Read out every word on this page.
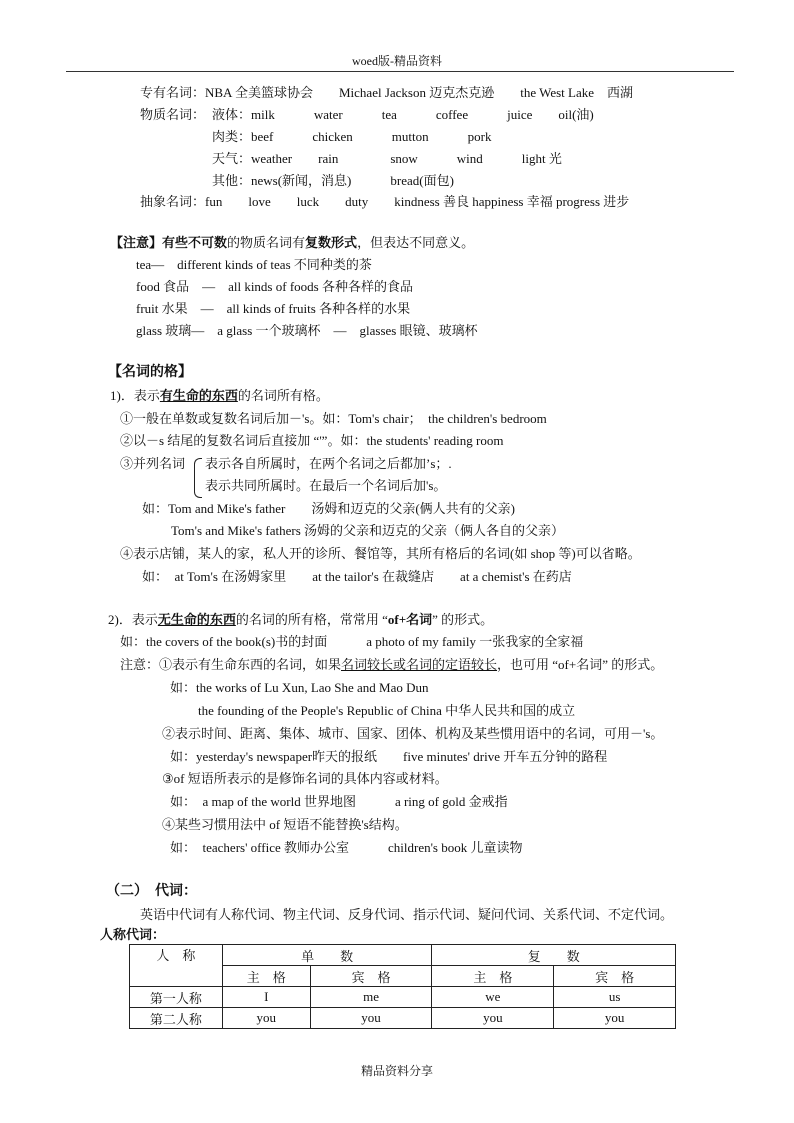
woed版-精品资料
专有名词：NBA 全美篮球协会　　Michael Jackson 迈克杰克逊　　the West Lake　西湖
物质名词： 液体：milk　　　water　　　tea　　　coffee　　　juice　　oil(油)
肉类：beef　　　chicken　　　mutton　　　pork
天气：weather　　rain　　　　snow　　　wind　　　light 光
其他：news(新闻，消息)　　　bread(面包)
抽象名词：fun　　love　　luck　　duty　　kindness 善良 happiness 幸福 progress 进步
【注意】有些不可数的物质名词有复数形式，但表达不同意义。
tea—　different kinds of teas 不同种类的茶
food 食品　—　all kinds of foods 各种各样的食品
fruit 水果　—　all kinds of fruits 各种各样的水果
glass 玻璃—　a glass 一个玻璃杯　—　glasses 眼镜、玻璃杯
【名词的格】
1)．表示有生命的东西的名词所有格。
①一般在单数或复数名词后加－'s。如：Tom's chair；　the children's bedroom
②以－s 结尾的复数名词后直接加 “'”。如：the students' reading room
③并列名词 表示各自所属时，在两个名词之后都加’s；.
表示共同所属时。在最后一个名词后加's。
如：Tom and Mike's father　　汤姆和迈克的父亲(俩人共有的父亲)
Tom's and Mike's fathers 汤姆的父亲和迈克的父亲（俩人各自的父亲）
④表示店铺，某人的家，私人开的诊所、餐馆等，其所有格后的名词(如 shop 等)可以省略。
如：　at Tom's 在汤姆家里　　at the tailor's 在裁缝店　　at a chemist's 在药店
2)．表示无生命的东西的名词的所有格，常常用 “of+名词” 的形式。
如：the covers of the book(s)书的封面　　　a photo of my family 一张我家的全家福
注意：①表示有生命东西的名词，如果名词较长或名词的定语较长，也可用 “of+名词” 的形式。
如：the works of Lu Xun, Lao She and Mao Dun
the founding of the People's Republic of China 中华人民共和国的成立
②表示时间、距离、集体、城市、国家、团体、机构及某些惯用语中的名词，可用－'s。
如：yesterday's newspaper昨天的报纸　　five minutes' drive 开车五分钟的路程
③of 短语所表示的是修饰名词的具体内容或材料。
如：　a map of the world 世界地图　　　a ring of gold 金戒指
④某些习惯用法中 of 短语不能替换's结构。
如：　teachers' office 教师办公室　　　children's book 儿童读物
（二）　代词：
英语中代词有人称代词、物主代词、反身代词、指示代词、疑问代词、关系代词、不定代词。
人称代词：
人　称	单　　数		复　　数	
	主　格	宾　格	主　格	宾　格
第一人称	I	me	we	us
第二人称	you	you	you	you
精品资料分享
